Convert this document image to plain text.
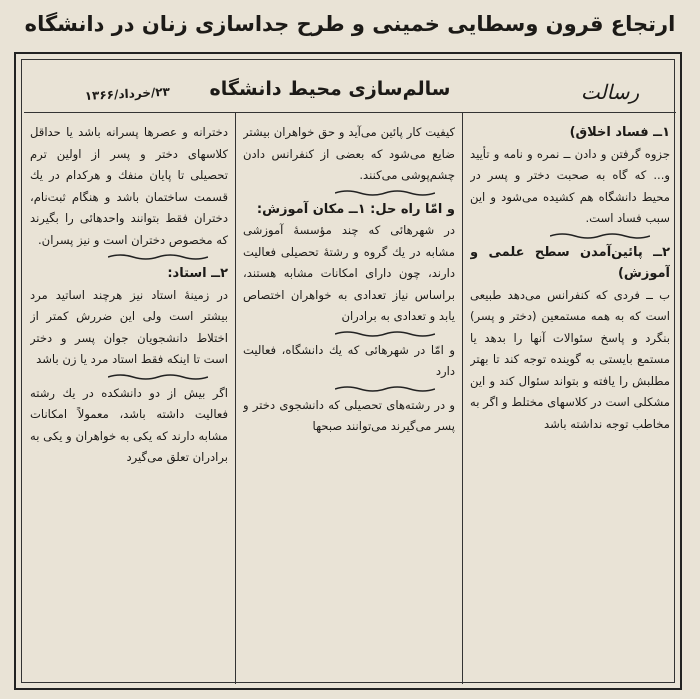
ارتجاع قرون وسطايى خمينى و طرح جداسازى زنان در دانشگاه
سالم‌سازى محيط دانشگاه
۲۳/خرداد/۱۳۶۶	رسالت

۱ــ فساد اخلاق)

جزوه گرفتن و دادن ــ نمره و نامه و تأييد و... كه گاه به صحبت دختر و پسر در محيط دانشگاه هم كشيده مى‌شود و اين سبب فساد است.

۲ــ پائين‌آمدن سطح علمى و آموزش)

ب ــ فردى كه كنفرانس مى‌دهد طبيعى است كه به همه مستمعين (دختر و پسر) بنگرد و پاسخ سئوالات آنها را بدهد يا مستمع بايستى به گوينده توجه كند تا بهتر مطلبش را يافته و بتواند سئوال كند و اين مشكلى است در كلاسهاى مختلط و اگر به مخاطب توجه نداشته باشد

كيفيت كار پائين مى‌آيد و حق خواهران بيشتر ضايع مى‌شود كه بعضى از كنفرانس دادن چشم‌پوشى مى‌كنند.

و امّا راه حل: ۱ــ مكان آموزش:

در شهرهائى كه چند مؤسسهٔ آموزشى مشابه در يك گروه و رشتهٔ تحصيلى فعاليت دارند، چون داراى امكانات مشابه هستند، براساس نياز تعدادى به خواهران اختصاص يابد و تعدادى به برادران

و امّا در شهرهائى كه يك دانشگاه، فعاليت دارد

و در رشته‌هاى تحصيلى كه دانشجوى دختر و پسر مى‌گيرند مى‌توانند صبحها

دخترانه و عصرها پسرانه باشد يا حداقل كلاسهاى دختر و پسر از اولين ترم تحصيلى تا پايان منفك و هركدام در يك قسمت ساختمان باشد و هنگام ثبت‌نام، دختران فقط بتوانند واحدهائى را بگيرند كه مخصوص دختران است و نيز پسران.

۲ــ استاد:

در زمينهٔ استاد نيز هرچند اساتيد مرد بيشتر است ولى اين ضررش كمتر از اختلاط دانشجويان جوان پسر و دختر است تا اينكه فقط استاد مرد يا زن باشد

اگر بيش از دو دانشكده در يك رشته فعاليت داشته باشد، معمولاً امكانات مشابه دارند كه يكى به خواهران و يكى به برادران تعلق مى‌گيرد
